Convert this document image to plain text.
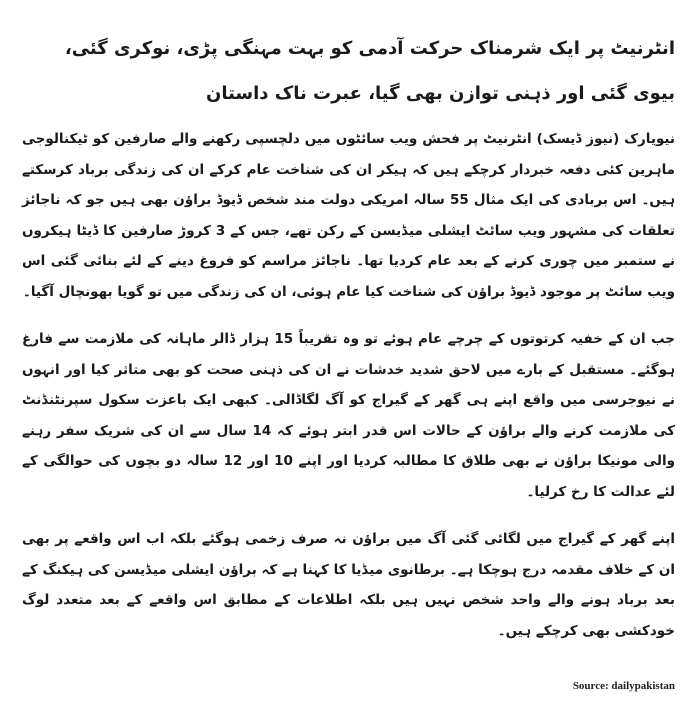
انٹرنیٹ پر ایک شرمناک حرکت آدمی کو بہت مہنگی پڑی، نوکری گئی، بیوی گئی اور ذہنی توازن بھی گیا، عبرت ناک داستان

نیویارک (نیوز ڈیسک) انٹرنیٹ پر فحش ویب سائٹوں میں دلچسپی رکھنے والے صارفین کو ٹیکنالوجی ماہرین کئی دفعہ خبردار کرچکے ہیں کہ ہیکر ان کی شناخت عام کرکے ان کی زندگی برباد کرسکتے ہیں۔ اس بربادی کی ایک مثال 55 سالہ امریکی دولت مند شخص ڈیوڈ براﺅن بھی ہیں جو کہ ناجائز تعلقات کی مشہور ویب سائٹ ایشلی میڈیسن کے رکن تھے، جس کے 3 کروڑ صارفین کا ڈیٹا ہیکروں نے ستمبر میں چوری کرنے کے بعد عام کردیا تھا۔ ناجائز مراسم کو فروغ دینے کے لئے بنائی گئی اس ویب سائٹ پر موجود ڈیوڈ براﺅن کی شناخت کیا عام ہوئی، ان کی زندگی میں تو گویا بھونچال آگیا۔

جب ان کے خفیہ کرتوتوں کے چرچے عام ہوئے تو وہ تقریباً 15 ہزار ڈالر ماہانہ کی ملازمت سے فارغ ہوگئے۔ مستقبل کے بارے میں لاحق شدید خدشات نے ان کی ذہنی صحت کو بھی متاثر کیا اور انہوں نے نیوجرسی میں واقع اپنے ہی گھر کے گیراج کو آگ لگاڈالی۔ کبھی ایک باعزت سکول سپرنٹنڈنٹ کی ملازمت کرنے والے براﺅن کے حالات اس قدر ابتر ہوئے کہ 14 سال سے ان کی شریک سفر رہنے والی مونیکا براﺅن نے بھی طلاق کا مطالبہ کردیا اور اپنے 10 اور 12 سالہ دو بچوں کی حوالگی کے لئے عدالت کا رخ کرلیا۔

اپنے گھر کے گیراج میں لگائی گئی آگ میں براﺅن نہ صرف زخمی ہوگئے بلکہ اب اس واقعے پر بھی ان کے خلاف مقدمہ درج ہوچکا ہے۔ برطانوی میڈیا کا کہنا ہے کہ براﺅن ایشلی میڈیسن کی ہیکنگ کے بعد برباد ہونے والے واحد شخص نہیں ہیں بلکہ اطلاعات کے مطابق اس واقعے کے بعد متعدد لوگ خودکشی بھی کرچکے ہیں۔

Source: dailypakistan
